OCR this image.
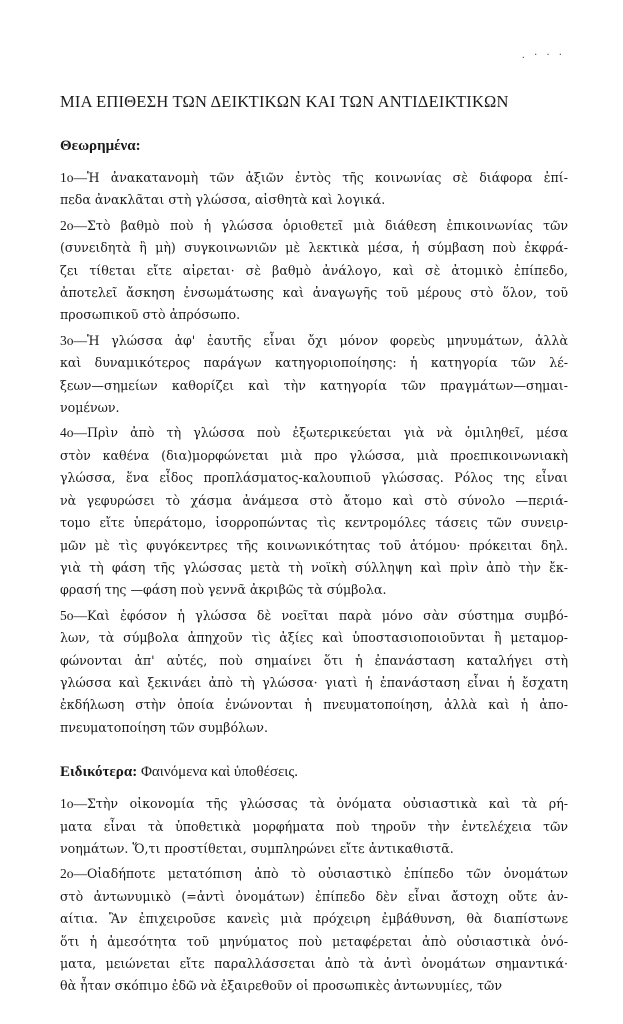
. · · ·
ΜΙΑ ΕΠΙΘΕΣΗ ΤΩΝ ΔΕΙΚΤΙΚΩΝ ΚΑΙ ΤΩΝ ΑΝΤΙΔΕΙΚΤΙΚΩΝ
Θεωρημένα:
1ο—Ἡ ἀνακατανομὴ τῶν ἀξιῶν ἐντὸς τῆς κοινωνίας σὲ διάφορα ἐπί-
πεδα ἀνακλᾶται στὴ γλώσσα, αἰσθητὰ καὶ λογικά.
2ο—Στὸ βαθμὸ ποὺ ἡ γλώσσα ὁριοθετεῖ μιὰ διάθεση ἐπικοινωνίας τῶν
(συνειδητὰ ἢ μὴ) συγκοινωνιῶν μὲ λεκτικὰ μέσα, ἡ σύμβαση ποὺ ἐκφρά-
ζει τίθεται εἴτε αἱρεται· σὲ βαθμὸ ἀνάλογο, καὶ σὲ ἀτομικὸ ἐπίπεδο,
ἀποτελεῖ ἄσκηση ἐνσωμάτωσης καὶ ἀναγωγῆς τοῦ μέρους στὸ ὅλον, τοῦ
προσωπικοῦ στὸ ἀπρόσωπο.
3ο—Ἡ γλώσσα ἀφ' ἑαυτῆς εἶναι ὄχι μόνον φορεὺς μηνυμάτων, ἀλλὰ
καὶ δυναμικότερος παράγων κατηγοριοποίησης: ἡ κατηγορία τῶν λέ-
ξεων—σημείων καθορίζει καὶ τὴν κατηγορία τῶν πραγμάτων—σημαι-
νομένων.
4ο—Πρὶν ἀπὸ τὴ γλώσσα ποὺ ἐξωτερικεύεται γιὰ νὰ ὁμιληθεῖ, μέσα
στὸν καθένα (δια)μορφώνεται μιὰ προ γλώσσα, μιὰ προεπικοινωνιακὴ
γλώσσα, ἕνα εἶδος προπλάσματος-καλουπιοῦ γλώσσας. Ρόλος της εἶναι
νὰ γεφυρώσει τὸ χάσμα ἀνάμεσα στὸ ἄτομο καὶ στὸ σύνολο —περιά-
τομο εἴτε ὑπεράτομο, ἰσορροπώντας τὶς κεντρομόλες τάσεις τῶν συνειρ-
μῶν μὲ τὶς φυγόκεντρες τῆς κοινωνικότητας τοῦ ἀτόμου· πρόκειται δηλ.
γιὰ τὴ φάση τῆς γλώσσας μετὰ τὴ νοϊκὴ σύλληψη καὶ πρὶν ἀπὸ τὴν ἔκ-
φρασή της —φάση ποὺ γεννᾶ ἀκριβῶς τὰ σύμβολα.
5ο—Καὶ ἐφόσον ἡ γλώσσα δὲ νοεῖται παρὰ μόνο σὰν σύστημα συμβό-
λων, τὰ σύμβολα ἀπηχοῦν τὶς ἀξίες καὶ ὑποστασιοποιοῦνται ἢ μεταμορ-
φώνονται ἀπ' αὐτές, ποὺ σημαίνει ὅτι ἡ ἐπανάσταση καταλήγει στὴ
γλώσσα καὶ ξεκινάει ἀπὸ τὴ γλώσσα· γιατὶ ἡ ἐπανάσταση εἶναι ἡ ἔσχατη
ἐκδήλωση στὴν ὁποία ἑνώνονται ἡ πνευματοποίηση, ἀλλὰ καὶ ἡ ἀπο-
πνευματοποίηση τῶν συμβόλων.
Ειδικότερα: Φαινόμενα καὶ ὑποθέσεις.
1ο—Στὴν οἰκονομία τῆς γλώσσας τὰ ὀνόματα οὐσιαστικὰ καὶ τὰ ρή-
ματα εἶναι τὰ ὑποθετικὰ μορφήματα ποὺ τηροῦν τὴν ἐντελέχεια τῶν
νοημάτων. Ὅ,τι προστίθεται, συμπληρώνει εἴτε ἀντικαθιστᾶ.
2ο—Οἰαδήποτε μετατόπιση ἀπὸ τὸ οὐσιαστικὸ ἐπίπεδο τῶν ὀνομάτων
στὸ ἀντωνυμικὸ (=ἀντὶ ὀνομάτων) ἐπίπεδο δὲν εἶναι ἄστοχη οὔτε ἀν-
αίτια. Ἂν ἐπιχειροῦσε κανεὶς μιὰ πρόχειρη ἐμβάθυνση, θὰ διαπίστωνε
ὅτι ἡ ἀμεσότητα τοῦ μηνύματος ποὺ μεταφέρεται ἀπὸ οὐσιαστικὰ ὀνό-
ματα, μειώνεται εἴτε παραλλάσσεται ἀπὸ τὰ ἀντὶ ὀνομάτων σημαντικά·
θὰ ἦταν σκόπιμο ἐδῶ νὰ ἐξαιρεθοῦν οἱ προσωπικὲς ἀντωνυμίες, τῶν
